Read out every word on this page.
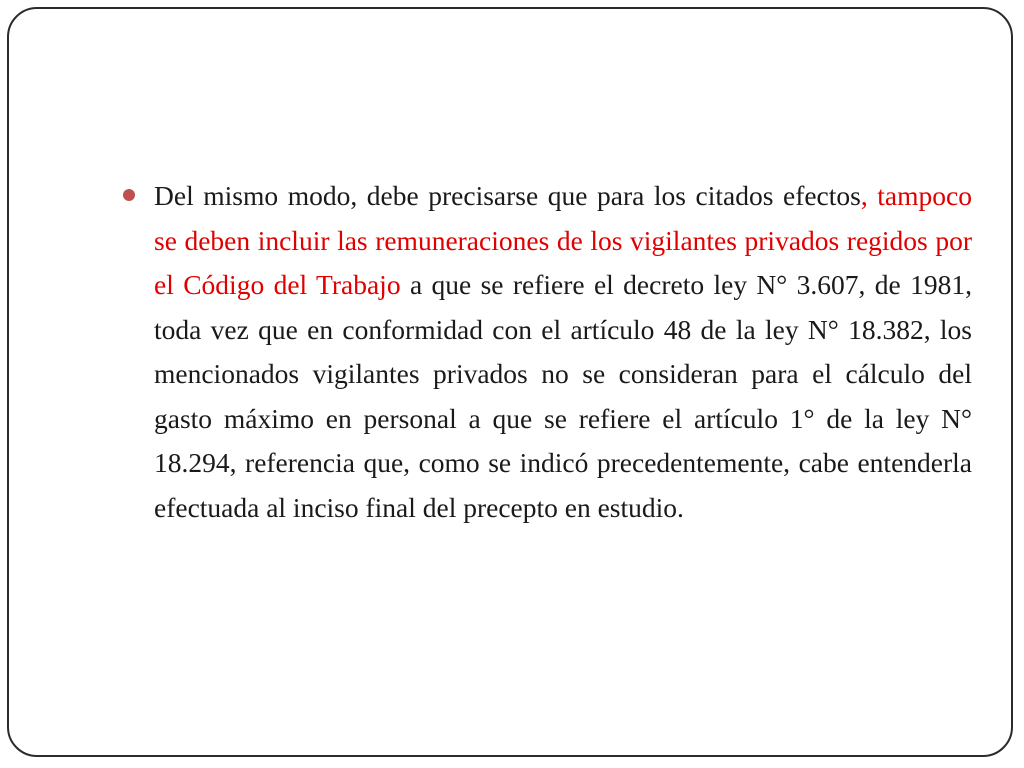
Del mismo modo, debe precisarse que para los citados efectos, tampoco se deben incluir las remuneraciones de los vigilantes privados regidos por el Código del Trabajo a que se refiere el decreto ley N° 3.607, de 1981, toda vez que en conformidad con el artículo 48 de la ley N° 18.382, los mencionados vigilantes privados no se consideran para el cálculo del gasto máximo en personal a que se refiere el artículo 1° de la ley N° 18.294, referencia que, como se indicó precedentemente, cabe entenderla efectuada al inciso final del precepto en estudio.
